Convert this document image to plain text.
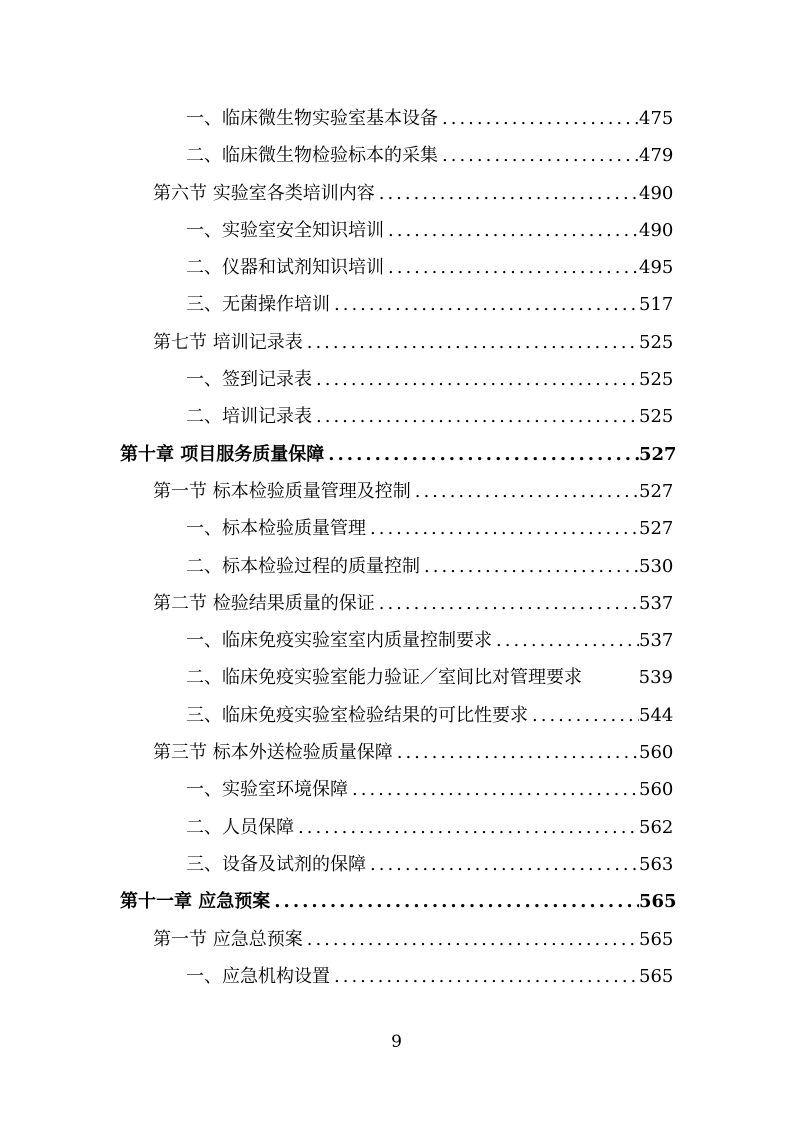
一、临床微生物实验室基本设备 .....	475
二、临床微生物检验标本的采集 .....	479
第六节 实验室各类培训内容 .....	490
一、实验室安全知识培训 .....	490
二、仪器和试剂知识培训 .....	495
三、无菌操作培训 .....	517
第七节 培训记录表 .....	525
一、签到记录表 .....	525
二、培训记录表 .....	525
第十章 项目服务质量保障 .....	527
第一节 标本检验质量管理及控制 .....	527
一、标本检验质量管理 .....	527
二、标本检验过程的质量控制 .....	530
第二节 检验结果质量的保证 .....	537
一、临床免疫实验室室内质量控制要求 .....	537
二、临床免疫实验室能力验证／室间比对管理要求	539
三、临床免疫实验室检验结果的可比性要求 .....	544
第三节 标本外送检验质量保障 .....	560
一、实验室环境保障 .....	560
二、人员保障 .....	562
三、设备及试剂的保障 .....	563
第十一章 应急预案 .....	565
第一节 应急总预案 .....	565
一、应急机构设置 .....	565
9
